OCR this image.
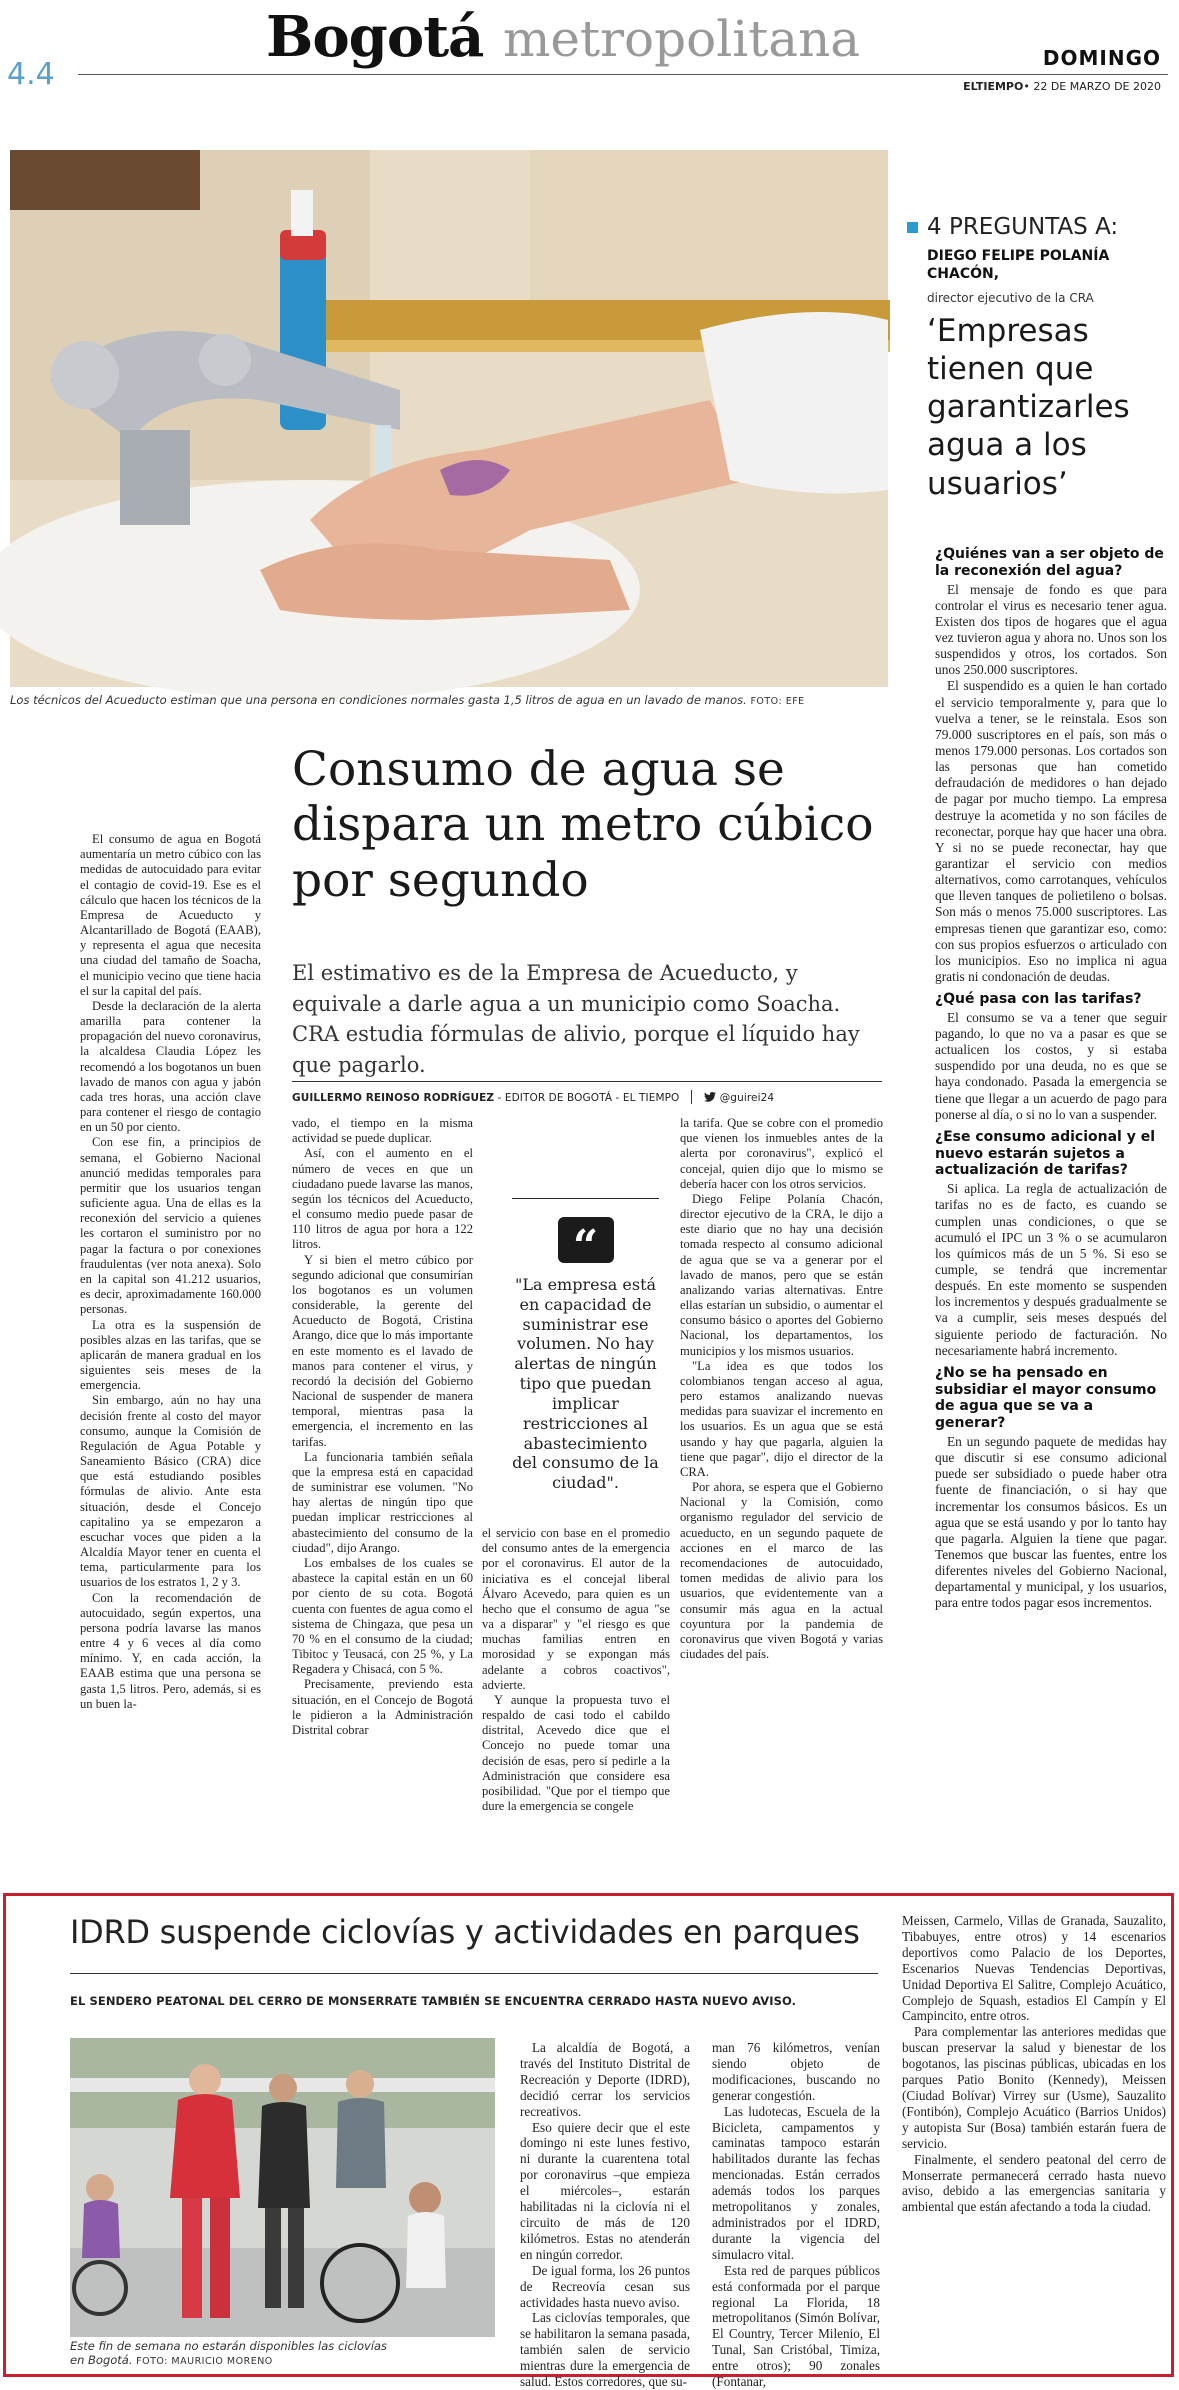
Bogotá metropolitana
4.4	DOMINGO
ELTIEMPO• 22 DE MARZO DE 2020
Los técnicos del Acueducto estiman que una persona en condiciones normales gasta 1,5 litros de agua en un lavado de manos. FOTO: EFE
Consumo de agua se dispara un metro cúbico por segundo
El estimativo es de la Empresa de Acueducto, y equivale a darle agua a un municipio como Soacha. CRA estudia fórmulas de alivio, porque el líquido hay que pagarlo.
GUILLERMO REINOSO RODRÍGUEZ - EDITOR DE BOGOTÁ - EL TIEMPO	@guirei24

El consumo de agua en Bogotá aumentaría un metro cúbico con las medidas de autocuidado para evitar el contagio de covid-19. Ese es el cálculo que hacen los técnicos de la Empresa de Acueducto y Alcantarillado de Bogotá (EAAB), y representa el agua que necesita una ciudad del tamaño de Soacha, el municipio vecino que tiene hacia el sur la capital del país.

Desde la declaración de la alerta amarilla para contener la propagación del nuevo coronavirus, la alcaldesa Claudia López les recomendó a los bogotanos un buen lavado de manos con agua y jabón cada tres horas, una acción clave para contener el riesgo de contagio en un 50 por ciento.

Con ese fin, a principios de semana, el Gobierno Nacional anunció medidas temporales para permitir que los usuarios tengan suficiente agua. Una de ellas es la reconexión del servicio a quienes les cortaron el suministro por no pagar la factura o por conexiones fraudulentas (ver nota anexa). Solo en la capital son 41.212 usuarios, es decir, aproximadamente 160.000 personas.

La otra es la suspensión de posibles alzas en las tarifas, que se aplicarán de manera gradual en los siguientes seis meses de la emergencia.

Sin embargo, aún no hay una decisión frente al costo del mayor consumo, aunque la Comisión de Regulación de Agua Potable y Saneamiento Básico (CRA) dice que está estudiando posibles fórmulas de alivio. Ante esta situación, desde el Concejo capitalino ya se empezaron a escuchar voces que piden a la Alcaldía Mayor tener en cuenta el tema, particularmente para los usuarios de los estratos 1, 2 y 3.

Con la recomendación de autocuidado, según expertos, una persona podría lavarse las manos entre 4 y 6 veces al día como mínimo. Y, en cada acción, la EAAB estima que una persona se gasta 1,5 litros. Pero, además, si es un buen la-

vado, el tiempo en la misma actividad se puede duplicar.

Así, con el aumento en el número de veces en que un ciudadano puede lavarse las manos, según los técnicos del Acueducto, el consumo medio puede pasar de 110 litros de agua por hora a 122 litros.

Y si bien el metro cúbico por segundo adicional que consumirían los bogotanos es un volumen considerable, la gerente del Acueducto de Bogotá, Cristina Arango, dice que lo más importante en este momento es el lavado de manos para contener el virus, y recordó la decisión del Gobierno Nacional de suspender de manera temporal, mientras pasa la emergencia, el incremento en las tarifas.

La funcionaria también señala que la empresa está en capacidad de suministrar ese volumen. "No hay alertas de ningún tipo que puedan implicar restricciones al abastecimiento del consumo de la ciudad", dijo Arango.

Los embalses de los cuales se abastece la capital están en un 60 por ciento de su cota. Bogotá cuenta con fuentes de agua como el sistema de Chingaza, que pesa un 70 % en el consumo de la ciudad; Tibitoc y Teusacá, con 25 %, y La Regadera y Chisacá, con 5 %.

Precisamente, previendo esta situación, en el Concejo de Bogotá le pidieron a la Administración Distrital cobrar

“
"La empresa está en capacidad de suministrar ese volumen. No hay alertas de ningún tipo que puedan implicar restricciones al abastecimiento del consumo de la ciudad".

el servicio con base en el promedio del consumo antes de la emergencia por el coronavirus. El autor de la iniciativa es el concejal liberal Álvaro Acevedo, para quien es un hecho que el consumo de agua "se va a disparar" y "el riesgo es que muchas familias entren en morosidad y se expongan más adelante a cobros coactivos", advierte.

Y aunque la propuesta tuvo el respaldo de casi todo el cabildo distrital, Acevedo dice que el Concejo no puede tomar una decisión de esas, pero sí pedirle a la Administración que considere esa posibilidad. "Que por el tiempo que dure la emergencia se congele

la tarifa. Que se cobre con el promedio que vienen los inmuebles antes de la alerta por coronavirus", explicó el concejal, quien dijo que lo mismo se debería hacer con los otros servicios.

Diego Felipe Polanía Chacón, director ejecutivo de la CRA, le dijo a este diario que no hay una decisión tomada respecto al consumo adicional de agua que se va a generar por el lavado de manos, pero que se están analizando varias alternativas. Entre ellas estarían un subsidio, o aumentar el consumo básico o aportes del Gobierno Nacional, los departamentos, los municipios y los mismos usuarios.

"La idea es que todos los colombianos tengan acceso al agua, pero estamos analizando nuevas medidas para suavizar el incremento en los usuarios. Es un agua que se está usando y hay que pagarla, alguien la tiene que pagar", dijo el director de la CRA.

Por ahora, se espera que el Gobierno Nacional y la Comisión, como organismo regulador del servicio de acueducto, en un segundo paquete de acciones en el marco de las recomendaciones de autocuidado, tomen medidas de alivio para los usuarios, que evidentemente van a consumir más agua en la actual coyuntura por la pandemia de coronavirus que viven Bogotá y varias ciudades del país.

4 PREGUNTAS A:
DIEGO FELIPE POLANÍA CHACÓN,
director ejecutivo de la CRA
‘Empresas tienen que garantizarles agua a los usuarios’
¿Quiénes van a ser objeto de la reconexión del agua?

El mensaje de fondo es que para controlar el virus es necesario tener agua. Existen dos tipos de hogares que el agua vez tuvieron agua y ahora no. Unos son los suspendidos y otros, los cortados. Son unos 250.000 suscriptores.

El suspendido es a quien le han cortado el servicio temporalmente y, para que lo vuelva a tener, se le reinstala. Esos son 79.000 suscriptores en el país, son más o menos 179.000 personas. Los cortados son las personas que han cometido defraudación de medidores o han dejado de pagar por mucho tiempo. La empresa destruye la acometida y no son fáciles de reconectar, porque hay que hacer una obra. Y si no se puede reconectar, hay que garantizar el servicio con medios alternativos, como carrotanques, vehículos que lleven tanques de polietileno o bolsas. Son más o menos 75.000 suscriptores. Las empresas tienen que garantizar eso, como: con sus propios esfuerzos o articulado con los municipios. Eso no implica ni agua gratis ni condonación de deudas.

¿Qué pasa con las tarifas?

El consumo se va a tener que seguir pagando, lo que no va a pasar es que se actualicen los costos, y si estaba suspendido por una deuda, no es que se haya condonado. Pasada la emergencia se tiene que llegar a un acuerdo de pago para ponerse al día, o si no lo van a suspender.

¿Ese consumo adicional y el nuevo estarán sujetos a actualización de tarifas?

Si aplica. La regla de actualización de tarifas no es de facto, es cuando se cumplen unas condiciones, o que se acumuló el IPC un 3 % o se acumularon los químicos más de un 5 %. Si eso se cumple, se tendrá que incrementar después. En este momento se suspenden los incrementos y después gradualmente se va a cumplir, seis meses después del siguiente periodo de facturación. No necesariamente habrá incremento.

¿No se ha pensado en subsidiar el mayor consumo de agua que se va a generar?

En un segundo paquete de medidas hay que discutir si ese consumo adicional puede ser subsidiado o puede haber otra fuente de financiación, o si hay que incrementar los consumos básicos. Es un agua que se está usando y por lo tanto hay que pagarla. Alguien la tiene que pagar. Tenemos que buscar las fuentes, entre los diferentes niveles del Gobierno Nacional, departamental y municipal, y los usuarios, para entre todos pagar esos incrementos.

IDRD suspende ciclovías y actividades en parques
EL SENDERO PEATONAL DEL CERRO DE MONSERRATE TAMBIÉN SE ENCUENTRA CERRADO HASTA NUEVO AVISO.
Este fin de semana no estarán disponibles las ciclovías en Bogotá. FOTO: MAURICIO MORENO

La alcaldía de Bogotá, a través del Instituto Distrital de Recreación y Deporte (IDRD), decidió cerrar los servicios recreativos.

Eso quiere decir que el este domingo ni este lunes festivo, ni durante la cuarentena total por coronavirus –que empieza el miércoles–, estarán habilitadas ni la ciclovía ni el circuito de más de 120 kilómetros. Estas no atenderán en ningún corredor.

De igual forma, los 26 puntos de Recreovía cesan sus actividades hasta nuevo aviso.

Las ciclovías temporales, que se habilitaron la semana pasada, también salen de servicio mientras dure la emergencia de salud. Estos corredores, que su-

man 76 kilómetros, venían siendo objeto de modificaciones, buscando no generar congestión.

Las ludotecas, Escuela de la Bicicleta, campamentos y caminatas tampoco estarán habilitados durante las fechas mencionadas. Están cerrados además todos los parques metropolitanos y zonales, administrados por el IDRD, durante la vigencia del simulacro vital.

Esta red de parques públicos está conformada por el parque regional La Florida, 18 metropolitanos (Simón Bolívar, El Country, Tercer Milenio, El Tunal, San Cristóbal, Timiza, entre otros); 90 zonales (Fontanar,

Meissen, Carmelo, Villas de Granada, Sauzalito, Tibabuyes, entre otros) y 14 escenarios deportivos como Palacio de los Deportes, Escenarios Nuevas Tendencias Deportivas, Unidad Deportiva El Salitre, Complejo Acuático, Complejo de Squash, estadios El Campín y El Campincito, entre otros.

Para complementar las anteriores medidas que buscan preservar la salud y bienestar de los bogotanos, las piscinas públicas, ubicadas en los parques Patio Bonito (Kennedy), Meissen (Ciudad Bolívar) Virrey sur (Usme), Sauzalito (Fontibón), Complejo Acuático (Barrios Unidos) y autopista Sur (Bosa) también estarán fuera de servicio.

Finalmente, el sendero peatonal del cerro de Monserrate permanecerá cerrado hasta nuevo aviso, debido a las emergencias sanitaria y ambiental que están afectando a toda la ciudad.
